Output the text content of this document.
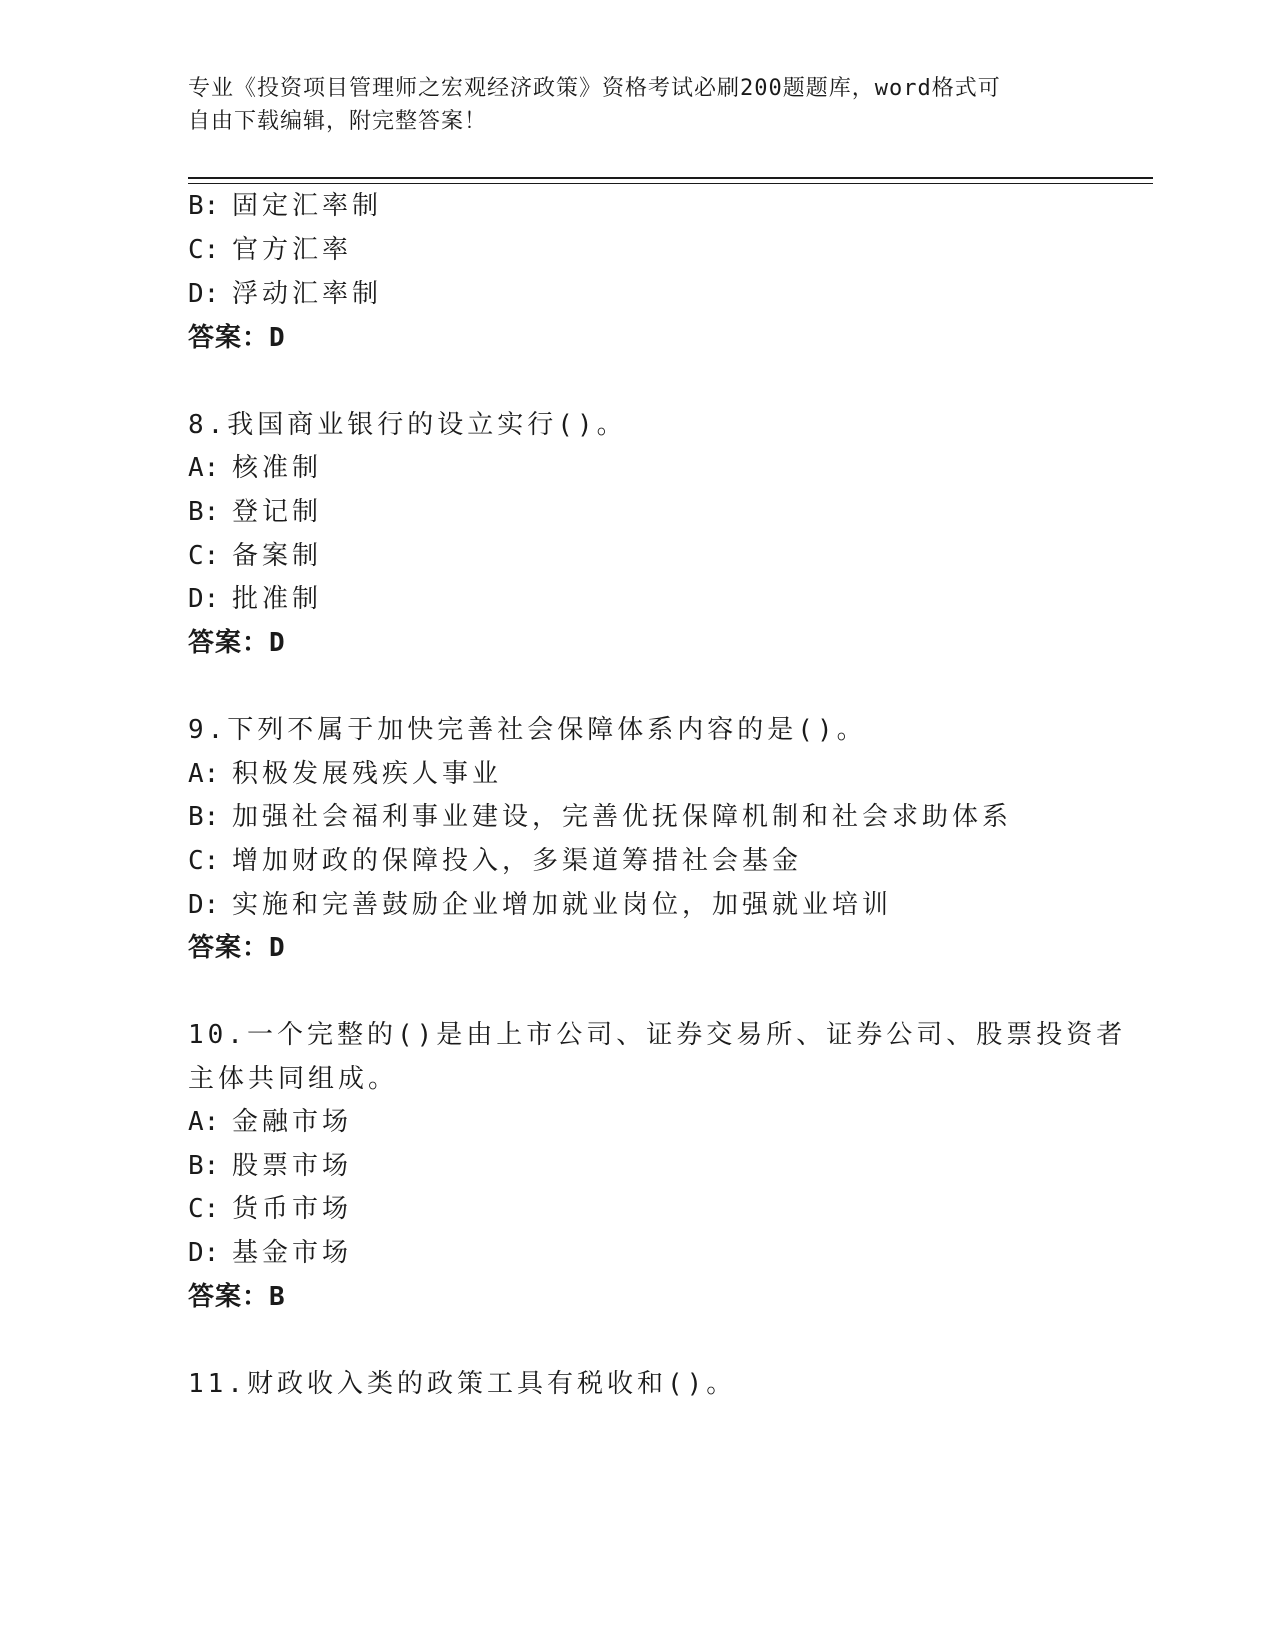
专业《投资项目管理师之宏观经济政策》资格考试必刷200题题库，word格式可
自由下载编辑，附完整答案！
B: 固定汇率制
C: 官方汇率
D: 浮动汇率制
答案：D
8.我国商业银行的设立实行()。
A: 核准制
B: 登记制
C: 备案制
D: 批准制
答案：D
9.下列不属于加快完善社会保障体系内容的是()。
A: 积极发展残疾人事业
B: 加强社会福利事业建设，完善优抚保障机制和社会求助体系
C: 增加财政的保障投入，多渠道筹措社会基金
D: 实施和完善鼓励企业增加就业岗位，加强就业培训
答案：D
10.一个完整的()是由上市公司、证券交易所、证券公司、股票投资者
主体共同组成。
A: 金融市场
B: 股票市场
C: 货币市场
D: 基金市场
答案：B
11.财政收入类的政策工具有税收和()。
